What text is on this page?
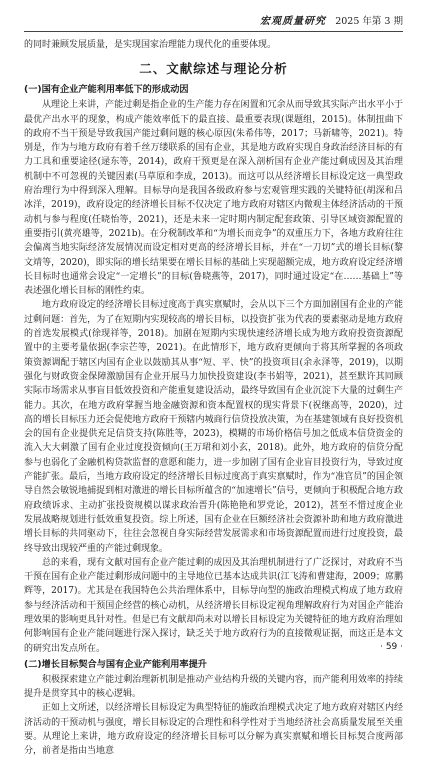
宏观质量研究 2025 年第 3 期

的同时兼顾发展质量，是实现国家治理能力现代化的重要体现。

二、文献综述与理论分析
(一)国有企业产能利用率低下的形成动因

从理论上来讲，产能过剩是指企业的生产能力存在闲置和冗余从而导致其实际产出水平小于最优产出水平的现象，构成产能效率低下的最直接、最重要表现(课题组，2015)。体制扭曲下的政府不当干预是导致我国产能过剩问题的核心原因(朱希伟等，2017；马新啸等，2021)。特别是，作为与地方政府有着千丝万缕联系的国有企业，其是地方政府实现自身政治经济目标的有力工具和重要途径(逯东等，2014)，政府干预更是在深入剖析国有企业产能过剩成因及其治理机制中不可忽视的关键因素(马草原和李成，2013)。而这可以从经济增长目标设定这一典型政府治理行为中得到深入理解。目标导向是我国各级政府参与宏观管理实践的关键特征(胡深和吕冰洋，2019)，政府设定的经济增长目标不仅决定了地方政府对辖区内微观主体经济活动的干预动机与参与程度(任晓怡等，2021)，还是未来一定时期内制定配套政策、引导区域资源配置的重要指引(黄亮雄等，2021b)。在分税制改革和“为增长而竞争”的双重压力下，各地方政府往往会偏离当地实际经济发展情况而设定相对更高的经济增长目标，并在“一刀切”式的增长目标(黎文靖等，2020)，即实际的增长结果要在增长目标的基础上实现超额完成，地方政府设定经济增长目标时也通常会设定“一定增长”的目标(鲁晓燕等，2017)，同时通过设定“在……基础上”等表述强化增长目标的刚性约束。

地方政府设定的经济增长目标过度高于真实禀赋时，会从以下三个方面加剧国有企业的产能过剩问题：首先，为了在短期内实现较高的增长目标，以投资扩张为代表的要素驱动是地方政府的首选发展模式(徐现祥等，2018)。加剧在短期内实现快速经济增长成为地方政府投资资源配置中的主要考量依据(李宗芒等，2021)。在此情形下，地方政府更倾向于将其所掌握的各项政策资源调配于辖区内国有企业以鼓励其从事“短、平、快”的投资项目(余永泽等，2019)，以期强化与财政资金保障激励国有企业开展马力加快投资建设(李书娟等，2021)，甚至默许其同顾实际市场需求从事盲目低效投资和产能重复建设活动，最终导致国有企业沉淀下大量的过剩生产能力。其次，在地方政府掌握当地金融资源和资本配置权的现实背景下(祝继高等，2020)，过高的增长目标压力还会促使地方政府干预辖内城商行信贷投放决策，为在基建领域有良好投资机会的国有企业提供充足信贷支持(陈胜等，2023)，模糊的市场价格信号加之低成本信贷资金的流入大大刺激了国有企业过度投资倾向(王万珺和刘小玄，2018)。此外，地方政府的信贷分配参与也弱化了金融机构贷款监督的意愿和能力，进一步加剧了国有企业盲目投资行为，导致过度产能扩张。最后，当地方政府设定的经济增长目标过度高于真实禀赋时，作为“准官员”的国企领导自然会敏锐地捕捉到相对激进的增长目标所蕴含的“加速增长”信号，更倾向于积极配合地方政府政绩诉求、主动扩张投资规模以谋求政治晋升(陈艳艳和罗党论，2012)，甚至不惜过度企业发展战略规划进行低效重复投资。综上所述，国有企业在巨额经济社会资源补助和地方政府激进增长目标的共同驱动下，往往会忽视自身实际经营发展需求和市场资源配置而进行过度投资，最终导致出现较严重的产能过剩现象。

总的来看，现有文献对国有企业产能过剩的成因及其治理机制进行了广泛探讨，对政府不当干预在国有企业产能过剩形成问题中的主导地位已基本达成共识(江飞涛和曹建海，2009；席鹏辉等，2017)。尤其是在我国特色公共治理体系中，目标导向型的施政治理模式构成了地方政府参与经济活动和干预国企经营的核心动机，从经济增长目标设定视角理解政府行为对国企产能治理效果的影响更具针对性。但是已有文献却尚未对以增长目标设定为关键特征的地方政府治理如何影响国有企业产能问题进行深入探讨，缺乏关于地方政府行为的直接微观证据，而这正是本文的研究出发点所在。

(二)增长目标契合与国有企业产能利用率提升

积极探索建立产能过剩治理新机制是推动产业结构升级的关键内容，而产能利用效率的持续提升是贯穿其中的核心逻辑。

正如上文所述，以经济增长目标设定为典型特征的施政治理模式决定了地方政府对辖区内经济活动的干预动机与强度，增长目标设定的合理性和科学性对于当地经济社会高质量发展至关重要。从理论上来讲，地方政府设定的经济增长目标可以分解为真实禀赋和增长目标契合度两部分，前者是指由当地意

· 59 ·
